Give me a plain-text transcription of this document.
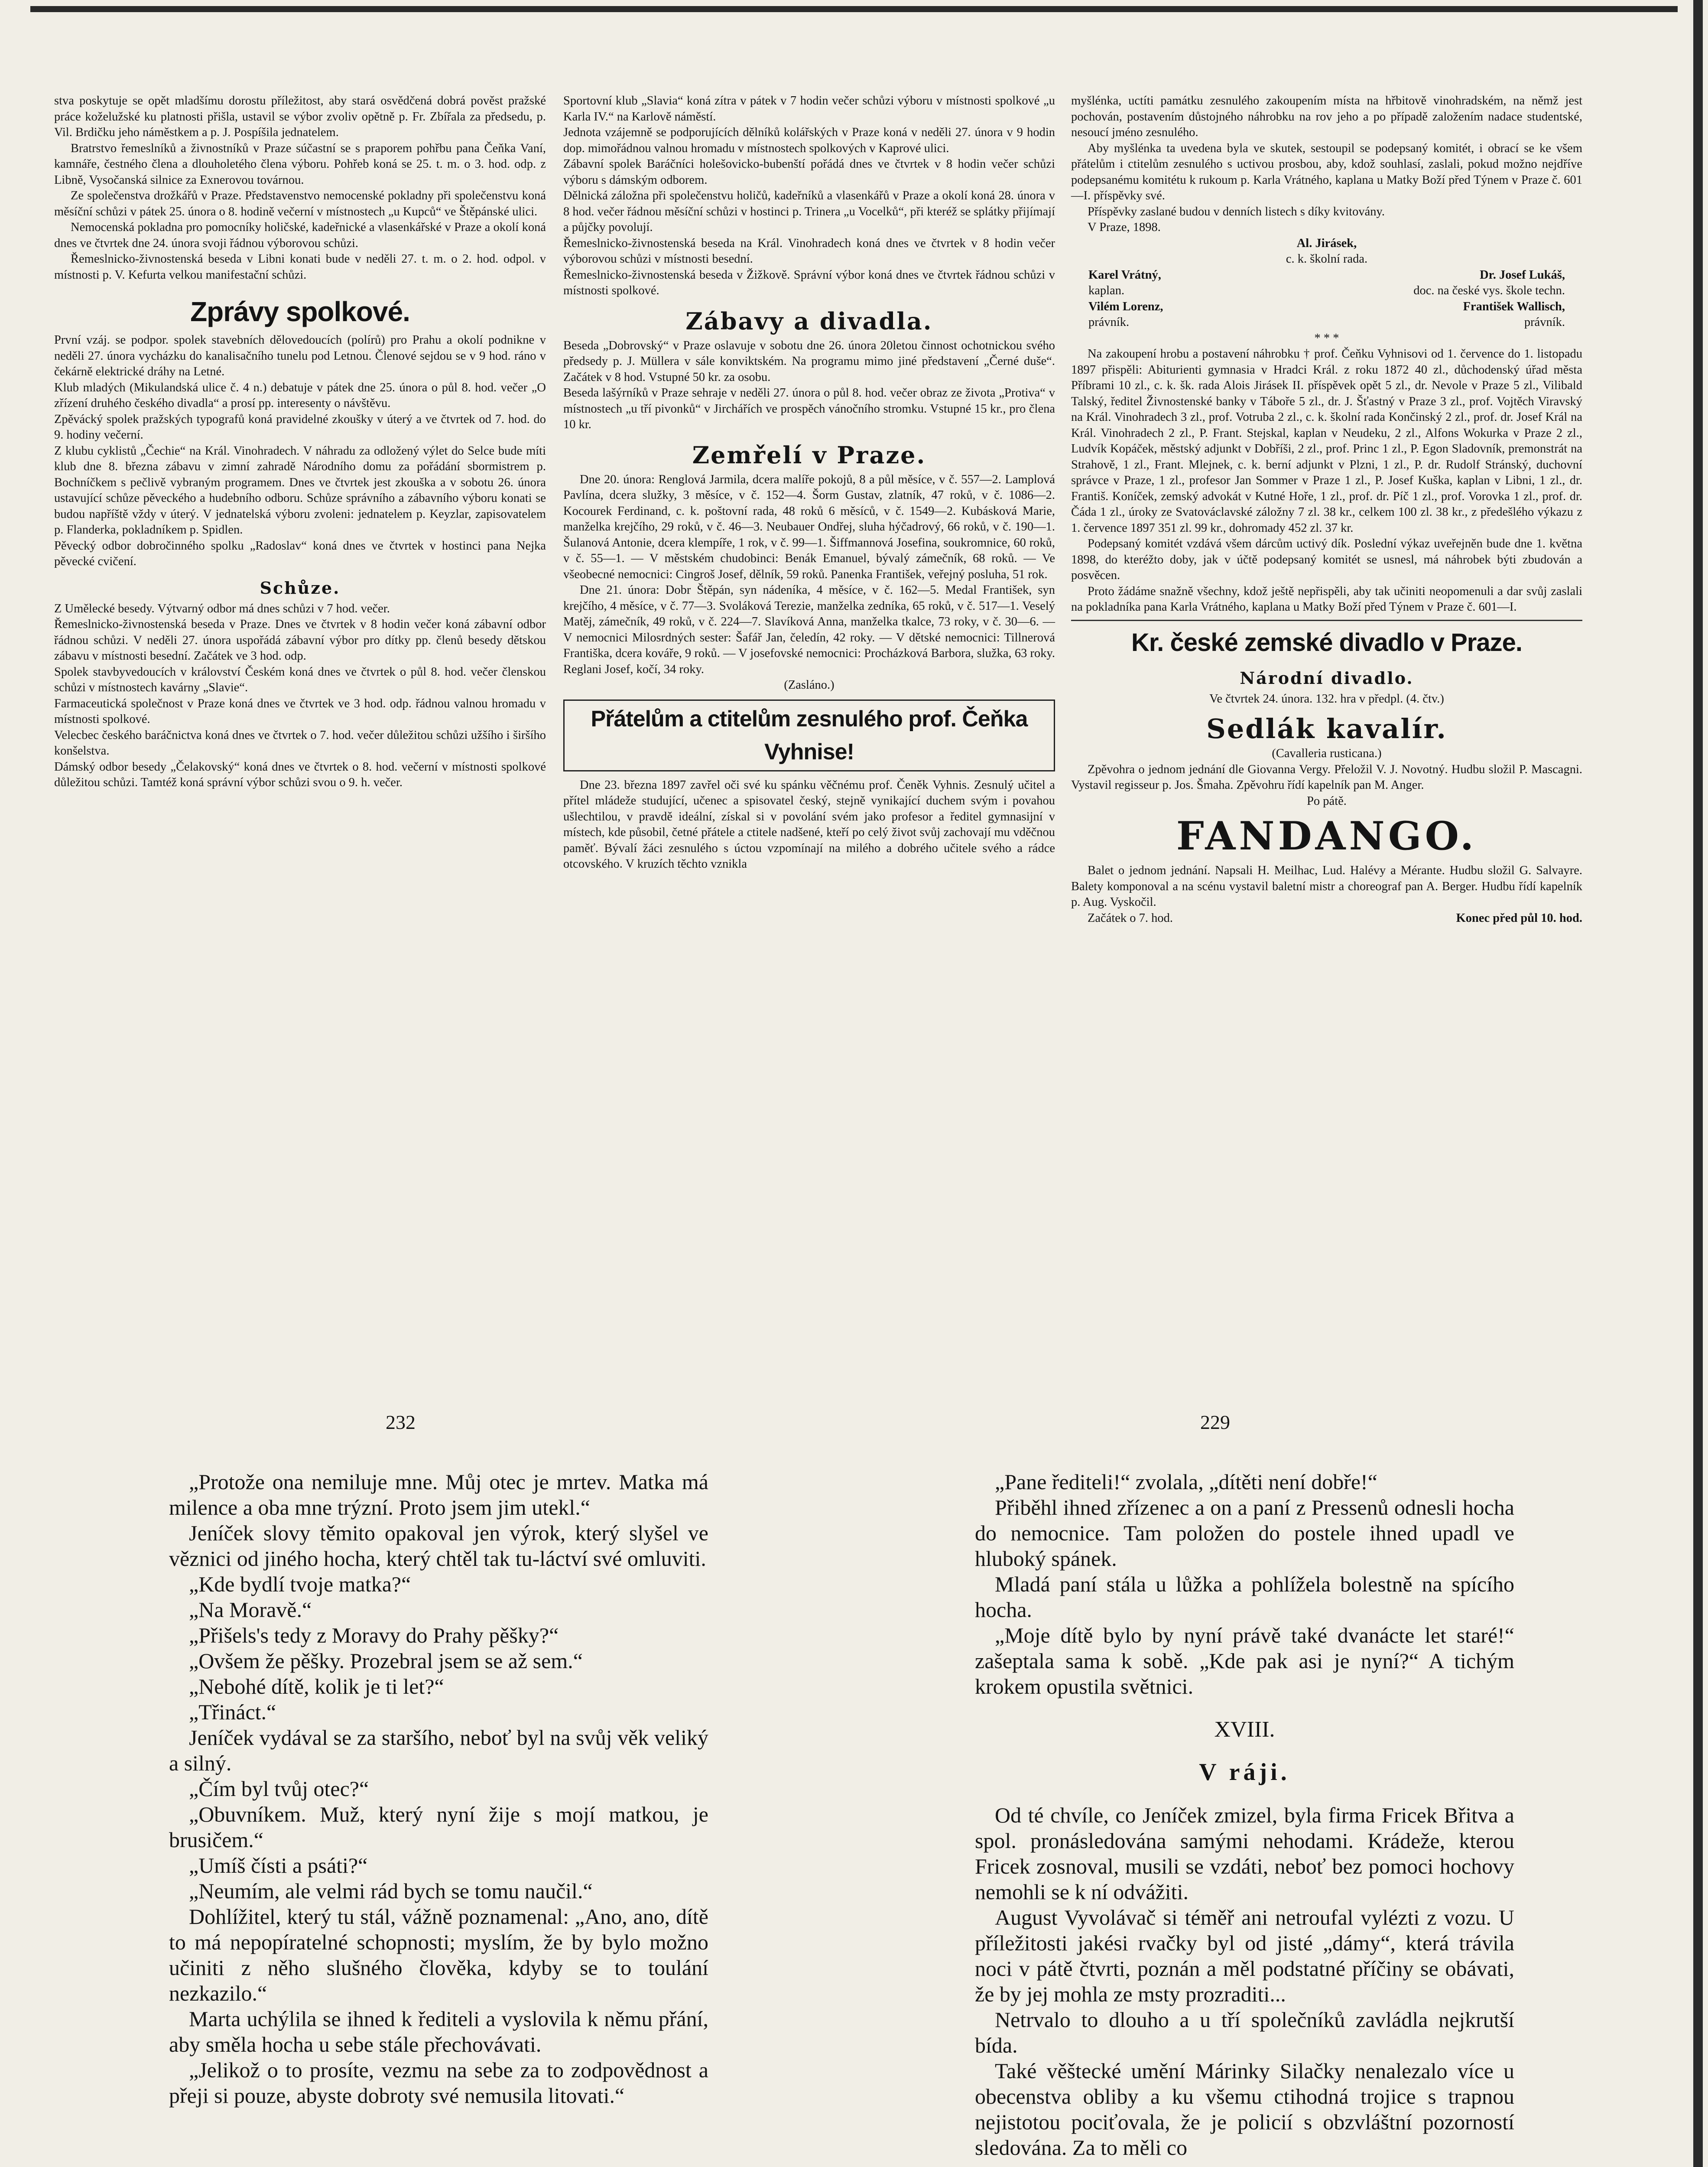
stva poskytuje se opět mladšímu dorostu příležitost, aby stará osvědčená dobrá pověst pražské práce koželužské ku platnosti přišla, ustavil se výbor zvoliv opětně p. Fr. Zbířala za předsedu, p. Vil. Brdičku jeho náměstkem a p. J. Pospíšila jednatelem.

Bratrstvo řemeslníků a živnostníků v Praze súčastní se s praporem pohřbu pana Čeňka Vaní, kamnáře, čestného člena a dlouholetého člena výboru. Pohřeb koná se 25. t. m. o 3. hod. odp. z Libně, Vysočanská silnice za Exnerovou továrnou.

Ze společenstva drožkářů v Praze. Představenstvo nemocenské pokladny při společenstvu koná měsíční schůzi v pátek 25. února o 8. hodině večerní v místnostech „u Kupců“ ve Štěpánské ulici.

Nemocenská pokladna pro pomocníky holičské, kadeřnické a vlasenkářské v Praze a okolí koná dnes ve čtvrtek dne 24. února svoji řádnou výborovou schůzi.

Řemeslnicko-živnostenská beseda v Libni konati bude v neděli 27. t. m. o 2. hod. odpol. v místnosti p. V. Kefurta velkou manifestační schůzi.

Zprávy spolkové.

První vzáj. se podpor. spolek stavebních dělovedoucích (polírů) pro Prahu a okolí podnikne v neděli 27. února vycházku do kanalisačního tunelu pod Letnou. Členové sejdou se v 9 hod. ráno v čekárně elektrické dráhy na Letné.

Klub mladých (Mikulandská ulice č. 4 n.) debatuje v pátek dne 25. února o půl 8. hod. večer „O zřízení druhého českého divadla“ a prosí pp. interesenty o návštěvu.

Zpěvácký spolek pražských typografů koná pravidelné zkoušky v úterý a ve čtvrtek od 7. hod. do 9. hodiny večerní.

Z klubu cyklistů „Čechie“ na Král. Vinohradech. V náhradu za odložený výlet do Selce bude míti klub dne 8. března zábavu v zimní zahradě Národního domu za pořádání sbormistrem p. Bochníčkem s pečlivě vybraným programem. Dnes ve čtvrtek jest zkouška a v sobotu 26. února ustavující schůze pěveckého a hudebního odboru. Schůze správního a zábavního výboru konati se budou napříště vždy v úterý. V jednatelská výboru zvoleni: jednatelem p. Keyzlar, zapisovatelem p. Flanderka, pokladníkem p. Spidlen.

Pěvecký odbor dobročinného spolku „Radoslav“ koná dnes ve čtvrtek v hostinci pana Nejka pěvecké cvičení.

Schůze.

Z Umělecké besedy. Výtvarný odbor má dnes schůzi v 7 hod. večer.

Řemeslnicko-živnostenská beseda v Praze. Dnes ve čtvrtek v 8 hodin večer koná zábavní odbor řádnou schůzi. V neděli 27. února uspořádá zábavní výbor pro dítky pp. členů besedy dětskou zábavu v místnosti besední. Začátek ve 3 hod. odp.

Spolek stavbyvedoucích v království Českém koná dnes ve čtvrtek o půl 8. hod. večer členskou schůzi v místnostech kavárny „Slavie“.

Farmaceutická společnost v Praze koná dnes ve čtvrtek ve 3 hod. odp. řádnou valnou hromadu v místnosti spolkové.

Velecbec českého baráčnictva koná dnes ve čtvrtek o 7. hod. večer důležitou schůzi užšího i širšího konšelstva.

Dámský odbor besedy „Čelakovský“ koná dnes ve čtvrtek o 8. hod. večerní v místnosti spolkové důležitou schůzi. Tamtéž koná správní výbor schůzi svou o 9. h. večer.

Sportovní klub „Slavia“ koná zítra v pátek v 7 hodin večer schůzi výboru v místnosti spolkové „u Karla IV.“ na Karlově náměstí.

Jednota vzájemně se podporujících dělníků kolářských v Praze koná v neděli 27. února v 9 hodin dop. mimořádnou valnou hromadu v místnostech spolkových v Kaprové ulici.

Zábavní spolek Baráčníci holešovicko-bubenští pořádá dnes ve čtvrtek v 8 hodin večer schůzi výboru s dámským odborem.

Dělnická záložna při společenstvu holičů, kadeřníků a vlasenkářů v Praze a okolí koná 28. února v 8 hod. večer řádnou měsíční schůzi v hostinci p. Trinera „u Vocelků“, při kteréž se splátky přijímají a půjčky povolují.

Řemeslnicko-živnostenská beseda na Král. Vinohradech koná dnes ve čtvrtek v 8 hodin večer výborovou schůzi v místnosti besední.

Řemeslnicko-živnostenská beseda v Žižkově. Správní výbor koná dnes ve čtvrtek řádnou schůzi v místnosti spolkové.

Zábavy a divadla.

Beseda „Dobrovský“ v Praze oslavuje v sobotu dne 26. února 20letou činnost ochotnickou svého předsedy p. J. Müllera v sále konviktském. Na programu mimo jiné představení „Černé duše“. Začátek v 8 hod. Vstupné 50 kr. za osobu.

Beseda lašýrníků v Praze sehraje v neděli 27. února o půl 8. hod. večer obraz ze života „Protiva“ v místnostech „u tří pivonků“ v Jirchářích ve prospěch vánočního stromku. Vstupné 15 kr., pro člena 10 kr.

Zemřelí v Praze.

Dne 20. února: Renglová Jarmila, dcera malíře pokojů, 8 a půl měsíce, v č. 557—2. Lamplová Pavlína, dcera služky, 3 měsíce, v č. 152—4. Šorm Gustav, zlatník, 47 roků, v č. 1086—2. Kocourek Ferdinand, c. k. poštovní rada, 48 roků 6 měsíců, v č. 1549—2. Kubásková Marie, manželka krejčího, 29 roků, v č. 46—3. Neubauer Ondřej, sluha hýčadrový, 66 roků, v č. 190—1. Šulanová Antonie, dcera klempíře, 1 rok, v č. 99—1. Šiffmannová Josefina, soukromnice, 60 roků, v č. 55—1. — V městském chudobinci: Benák Emanuel, bývalý zámečník, 68 roků. — Ve všeobecné nemocnici: Cingroš Josef, dělník, 59 roků. Panenka František, veřejný posluha, 51 rok.

Dne 21. února: Dobr Štěpán, syn nádeníka, 4 měsíce, v č. 162—5. Medal František, syn krejčího, 4 měsíce, v č. 77—3. Svoláková Terezie, manželka zedníka, 65 roků, v č. 517—1. Veselý Matěj, zámečník, 49 roků, v č. 224—7. Slavíková Anna, manželka tkalce, 73 roky, v č. 30—6. — V nemocnici Milosrdných sester: Šafář Jan, čeledín, 42 roky. — V dětské nemocnici: Tillnerová Františka, dcera kováře, 9 roků. — V josefovské nemocnici: Procházková Barbora, služka, 63 roky. Reglani Josef, kočí, 34 roky.

(Zasláno.)

Přátelům a ctitelům zesnulého prof. Čeňka Vyhnise!

Dne 23. března 1897 zavřel oči své ku spánku věčnému prof. Čeněk Vyhnis. Zesnulý učitel a přítel mládeže studující, učenec a spisovatel český, stejně vynikající duchem svým i povahou ušlechtilou, v pravdě ideální, získal si v povolání svém jako profesor a ředitel gymnasijní v místech, kde působil, četné přátele a ctitele nadšené, kteří po celý život svůj zachovají mu vděčnou paměť. Bývalí žáci zesnulého s úctou vzpomínají na milého a dobrého učitele svého a rádce otcovského. V kruzích těchto vznikla

myšlénka, uctíti památku zesnulého zakoupením místa na hřbitově vinohradském, na němž jest pochován, postavením důstojného náhrobku na rov jeho a po případě založením nadace studentské, nesoucí jméno zesnulého.

Aby myšlénka ta uvedena byla ve skutek, sestoupil se podepsaný komitét, i obrací se ke všem přátelům i ctitelům zesnulého s uctivou prosbou, aby, kdož souhlasí, zaslali, pokud možno nejdříve podepsanému komitétu k rukoum p. Karla Vrátného, kaplana u Matky Boží před Týnem v Praze č. 601—I. příspěvky své.

Příspěvky zaslané budou v denních listech s díky kvitovány.

V Praze, 1898.

Al. Jirásek,

c. k. školní rada.

Karel Vrátný,	Dr. Josef Lukáš,
kaplan.	doc. na české vys. škole techn.
Vilém Lorenz,	František Wallisch,
právník.	právník.

* * *

Na zakoupení hrobu a postavení náhrobku † prof. Čeňku Vyhnisovi od 1. července do 1. listopadu 1897 přispěli: Abiturienti gymnasia v Hradci Král. z roku 1872 40 zl., důchodenský úřad města Příbrami 10 zl., c. k. šk. rada Alois Jirásek II. příspěvek opět 5 zl., dr. Nevole v Praze 5 zl., Vilibald Talský, ředitel Živnostenské banky v Táboře 5 zl., dr. J. Šťastný v Praze 3 zl., prof. Vojtěch Viravský na Král. Vinohradech 3 zl., prof. Votruba 2 zl., c. k. školní rada Končinský 2 zl., prof. dr. Josef Král na Král. Vinohradech 2 zl., P. Frant. Stejskal, kaplan v Neudeku, 2 zl., Alfons Wokurka v Praze 2 zl., Ludvík Kopáček, městský adjunkt v Dobříši, 2 zl., prof. Princ 1 zl., P. Egon Sladovník, premonstrát na Strahově, 1 zl., Frant. Mlejnek, c. k. berní adjunkt v Plzni, 1 zl., P. dr. Rudolf Stránský, duchovní správce v Praze, 1 zl., profesor Jan Sommer v Praze 1 zl., P. Josef Kuška, kaplan v Libni, 1 zl., dr. Františ. Koníček, zemský advokát v Kutné Hoře, 1 zl., prof. dr. Píč 1 zl., prof. Vorovka 1 zl., prof. dr. Čáda 1 zl., úroky ze Svatováclavské záložny 7 zl. 38 kr., celkem 100 zl. 38 kr., z předešlého výkazu z 1. července 1897 351 zl. 99 kr., dohromady 452 zl. 37 kr.

Podepsaný komitét vzdává všem dárcům uctivý dík. Poslední výkaz uveřejněn bude dne 1. května 1898, do kteréžto doby, jak v účtě podepsaný komitét se usnesl, má náhrobek býti zbudován a posvěcen.

Proto žádáme snažně všechny, kdož ještě nepřispěli, aby tak učiniti neopomenuli a dar svůj zaslali na pokladníka pana Karla Vrátného, kaplana u Matky Boží před Týnem v Praze č. 601—I.

Kr. české zemské divadlo v Praze.
Národní divadlo.

Ve čtvrtek 24. února. 132. hra v předpl. (4. čtv.)

Sedlák kavalír.

(Cavalleria rusticana.)

Zpěvohra o jednom jednání dle Giovanna Vergy. Přeložil V. J. Novotný. Hudbu složil P. Mascagni. Vystavil regisseur p. Jos. Šmaha. Zpěvohru řídí kapelník pan M. Anger.

Po pátě.

FANDANGO.

Balet o jednom jednání. Napsali H. Meilhac, Lud. Halévy a Mérante. Hudbu složil G. Salvayre. Balety komponoval a na scénu vystavil baletní mistr a choreograf pan A. Berger. Hudbu řídí kapelník p. Aug. Vyskočil.

Začátek o 7. hod.	Konec před půl 10. hod.
232	229

„Protože ona nemiluje mne. Můj otec je mrtev. Matka má milence a oba mne trýzní. Proto jsem jim utekl.“

Jeníček slovy těmito opakoval jen výrok, který slyšel ve věznici od jiného hocha, který chtěl tak tu-láctví své omluviti.

„Kde bydlí tvoje matka?“

„Na Moravě.“

„Přišels's tedy z Moravy do Prahy pěšky?“

„Ovšem že pěšky. Prozebral jsem se až sem.“

„Nebohé dítě, kolik je ti let?“

„Třináct.“

Jeníček vydával se za staršího, neboť byl na svůj věk veliký a silný.

„Čím byl tvůj otec?“

„Obuvníkem. Muž, který nyní žije s mojí matkou, je brusičem.“

„Umíš čísti a psáti?“

„Neumím, ale velmi rád bych se tomu naučil.“

Dohlížitel, který tu stál, vážně poznamenal: „Ano, ano, dítě to má nepopíratelné schopnosti; myslím, že by bylo možno učiniti z něho slušného člověka, kdyby se to toulání nezkazilo.“

Marta uchýlila se ihned k řediteli a vyslovila k němu přání, aby směla hocha u sebe stále přechovávati.

„Jelikož o to prosíte, vezmu na sebe za to zodpovědnost a přeji si pouze, abyste dobroty své nemusila litovati.“

„Pane řediteli!“ zvolala, „dítěti není dobře!“

Přiběhl ihned zřízenec a on a paní z Pressenů odnesli hocha do nemocnice. Tam položen do postele ihned upadl ve hluboký spánek.

Mladá paní stála u lůžka a pohlížela bolestně na spícího hocha.

„Moje dítě bylo by nyní právě také dvanácte let staré!“ zašeptala sama k sobě. „Kde pak asi je nyní?“ A tichým krokem opustila světnici.

XVIII.

V ráji.

Od té chvíle, co Jeníček zmizel, byla firma Fricek Břitva a spol. pronásledována samými nehodami. Krádeže, kterou Fricek zosnoval, musili se vzdáti, neboť bez pomoci hochovy nemohli se k ní odvážiti.

August Vyvolávač si téměř ani netroufal vylézti z vozu. U příležitosti jakési rvačky byl od jisté „dámy“, která trávila noci v pátě čtvrti, poznán a měl podstatné příčiny se obávati, že by jej mohla ze msty prozraditi...

Netrvalo to dlouho a u tří společníků zavládla nejkrutší bída.

Také věštecké umění Márinky Silačky nenalezalo více u obecenstva obliby a ku všemu ctihodná trojice s trapnou nejistotou pociťovala, že je policií s obzvláštní pozorností sledována. Za to měli co
